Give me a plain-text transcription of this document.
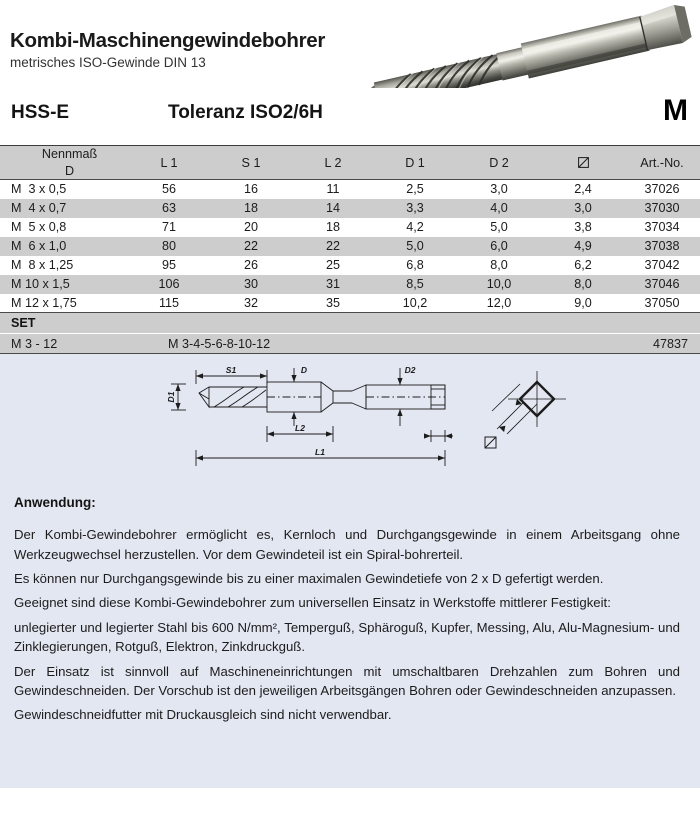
Kombi-Maschinengewindebohrer
metrisches ISO-Gewinde DIN 13
HSS-E	Toleranz ISO2/6H	M
Nennmaß
D	L 1	S 1	L 2	D 1	D 2		Art.-No.
M  3 x 0,5	56	16	11	2,5	3,0	2,4	37026
M  4 x 0,7	63	18	14	3,3	4,0	3,0	37030
M  5 x 0,8	71	20	18	4,2	5,0	3,8	37034
M  6 x 1,0	80	22	22	5,0	6,0	4,9	37038
M  8 x 1,25	95	26	25	6,8	8,0	6,2	37042
M 10 x 1,5	106	30	31	8,5	10,0	8,0	37046
M 12 x 1,75	115	32	35	10,2	12,0	9,0	37050
SET
M 3 - 12	M 3-4-5-6-8-10-12	47837
S1	D	D2
D1
L2
L1
Anwendung:

Der Kombi-Gewindebohrer ermöglicht es, Kernloch und Durchgangsgewinde in einem Arbeitsgang ohne Werkzeugwechsel herzustellen. Vor dem Gewindeteil ist ein Spiral-bohrerteil.

Es können nur Durchgangsgewinde bis zu einer maximalen Gewindetiefe von 2 x D gefertigt werden.

Geeignet sind diese Kombi-Gewindebohrer zum universellen Einsatz in Werkstoffe mittlerer Festigkeit:

unlegierter und legierter Stahl bis 600 N/mm², Temperguß, Sphäroguß, Kupfer, Messing, Alu, Alu-Magnesium- und Zinklegierungen, Rotguß, Elektron, Zinkdruckguß.

Der Einsatz ist sinnvoll auf Maschineneinrichtungen mit umschaltbaren Drehzahlen zum Bohren und Gewindeschneiden. Der Vorschub ist den jeweiligen Arbeitsgängen Bohren oder Gewindeschneiden anzupassen.

Gewindeschneidfutter mit Druckausgleich sind nicht verwendbar.
